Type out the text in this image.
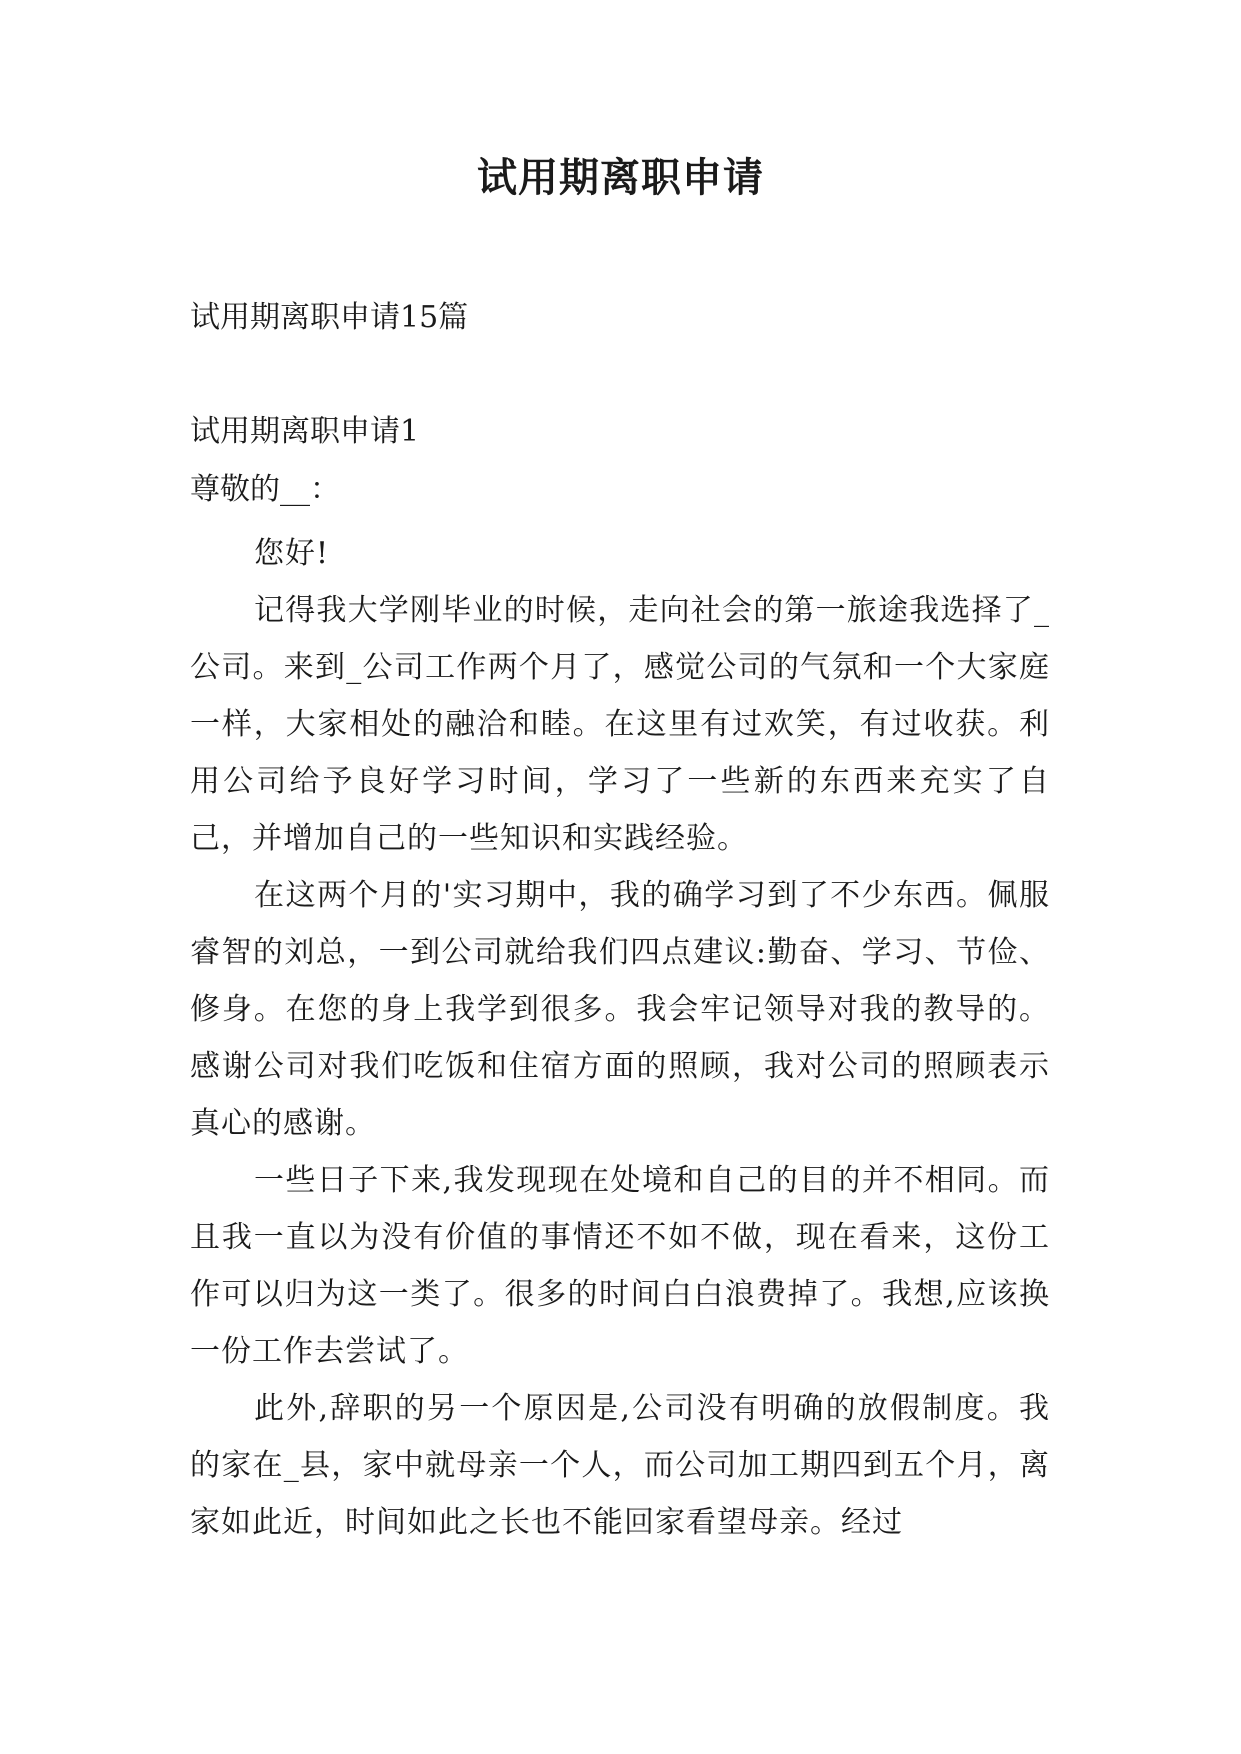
试用期离职申请
试用期离职申请15篇
试用期离职申请1
尊敬的__：

您好!

记得我大学刚毕业的时候，走向社会的第一旅途我选择了_公司。来到_公司工作两个月了，感觉公司的气氛和一个大家庭一样，大家相处的融洽和睦。在这里有过欢笑，有过收获。利用公司给予良好学习时间，学习了一些新的东西来充实了自己，并增加自己的一些知识和实践经验。

在这两个月的'实习期中，我的确学习到了不少东西。佩服睿智的刘总，一到公司就给我们四点建议:勤奋、学习、节俭、修身。在您的身上我学到很多。我会牢记领导对我的教导的。感谢公司对我们吃饭和住宿方面的照顾，我对公司的照顾表示真心的感谢。

一些日子下来,我发现现在处境和自己的目的并不相同。而且我一直以为没有价值的事情还不如不做，现在看来，这份工作可以归为这一类了。很多的时间白白浪费掉了。我想,应该换一份工作去尝试了。

此外,辞职的另一个原因是,公司没有明确的放假制度。我的家在_县，家中就母亲一个人，而公司加工期四到五个月，离家如此近，时间如此之长也不能回家看望母亲。经过
